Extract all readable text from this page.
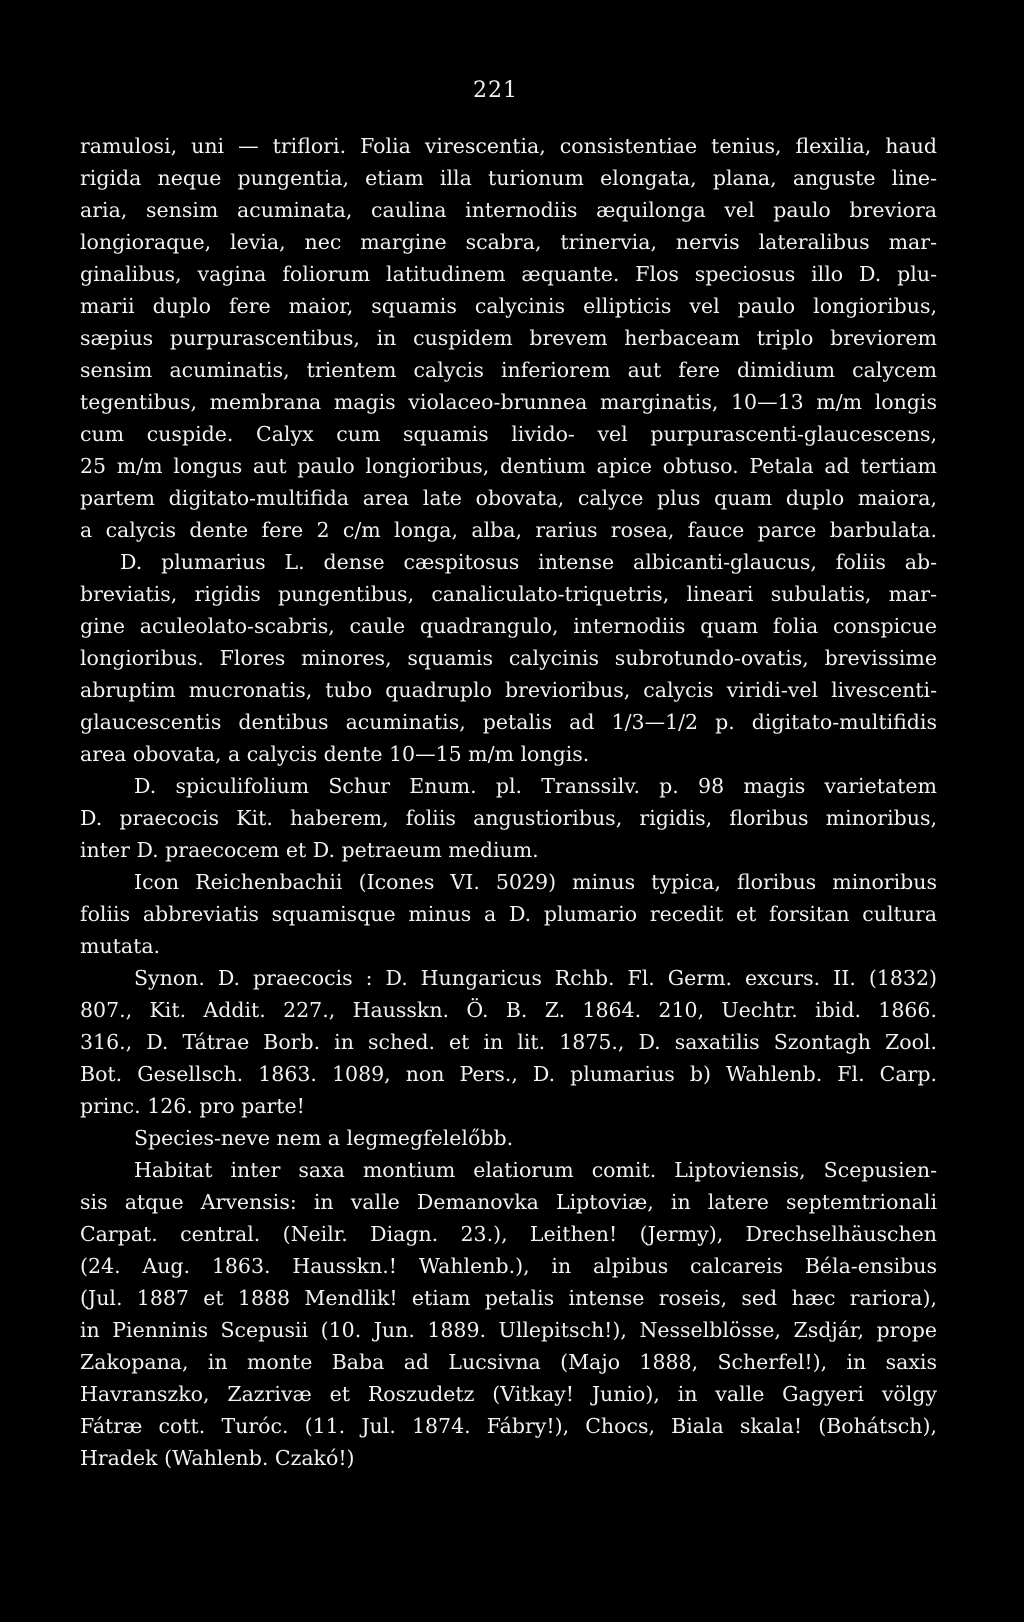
221
ramulosi, uni — triflori. Folia virescentia, consistentiae tenius, flexilia, haud
rigida neque pungentia, etiam illa turionum elongata, plana, anguste line-
aria, sensim acuminata, caulina internodiis æquilonga vel paulo breviora
longioraque, levia, nec margine scabra, trinervia, nervis lateralibus mar-
ginalibus, vagina foliorum latitudinem æquante. Flos speciosus illo D. plu-
marii duplo fere maior, squamis calycinis ellipticis vel paulo longioribus,
sæpius purpurascentibus, in cuspidem brevem herbaceam triplo breviorem
sensim acuminatis, trientem calycis inferiorem aut fere dimidium calycem
tegentibus, membrana magis violaceo-brunnea marginatis, 10—13 m/m longis
cum cuspide. Calyx cum squamis livido- vel purpurascenti-glaucescens,
25 m/m longus aut paulo longioribus, dentium apice obtuso. Petala ad tertiam
partem digitato-multifida area late obovata, calyce plus quam duplo maiora,
a calycis dente fere 2 c/m longa, alba, rarius rosea, fauce parce barbulata.
D. plumarius L. dense cæspitosus intense albicanti-glaucus, foliis ab-
breviatis, rigidis pungentibus, canaliculato-triquetris, lineari subulatis, mar-
gine aculeolato-scabris, caule quadrangulo, internodiis quam folia conspicue
longioribus. Flores minores, squamis calycinis subrotundo-ovatis, brevissime
abruptim mucronatis, tubo quadruplo brevioribus, calycis viridi-vel livescenti-
glaucescentis dentibus acuminatis, petalis ad 1/3—1/2 p. digitato-multifidis
area obovata, a calycis dente 10—15 m/m longis.
D. spiculifolium Schur Enum. pl. Transsilv. p. 98 magis varietatem
D. praecocis Kit. haberem, foliis angustioribus, rigidis, floribus minoribus,
inter D. praecocem et D. petraeum medium.
Icon Reichenbachii (Icones VI. 5029) minus typica, floribus minoribus
foliis abbreviatis squamisque minus a D. plumario recedit et forsitan cultura
mutata.
Synon. D. praecocis : D. Hungaricus Rchb. Fl. Germ. excurs. II. (1832)
807., Kit. Addit. 227., Hausskn. Ö. B. Z. 1864. 210, Uechtr. ibid. 1866.
316., D. Tátrae Borb. in sched. et in lit. 1875., D. saxatilis Szontagh Zool.
Bot. Gesellsch. 1863. 1089, non Pers., D. plumarius b) Wahlenb. Fl. Carp.
princ. 126. pro parte!
Species-neve nem a legmegfelelőbb.
Habitat inter saxa montium elatiorum comit. Liptoviensis, Scepusien-
sis atque Arvensis: in valle Demanovka Liptoviæ, in latere septemtrionali
Carpat. central. (Neilr. Diagn. 23.), Leithen! (Jermy), Drechselhäuschen
(24. Aug. 1863. Hausskn.! Wahlenb.), in alpibus calcareis Béla-ensibus
(Jul. 1887 et 1888 Mendlik! etiam petalis intense roseis, sed hæc rariora),
in Pienninis Scepusii (10. Jun. 1889. Ullepitsch!), Nesselblösse, Zsdjár, prope
Zakopana, in monte Baba ad Lucsivna (Majo 1888, Scherfel!), in saxis
Havranszko, Zazrivæ et Roszudetz (Vitkay! Junio), in valle Gagyeri völgy
Fátræ cott. Turóc. (11. Jul. 1874. Fábry!), Chocs, Biala skala! (Bohátsch),
Hradek (Wahlenb. Czakó!)
